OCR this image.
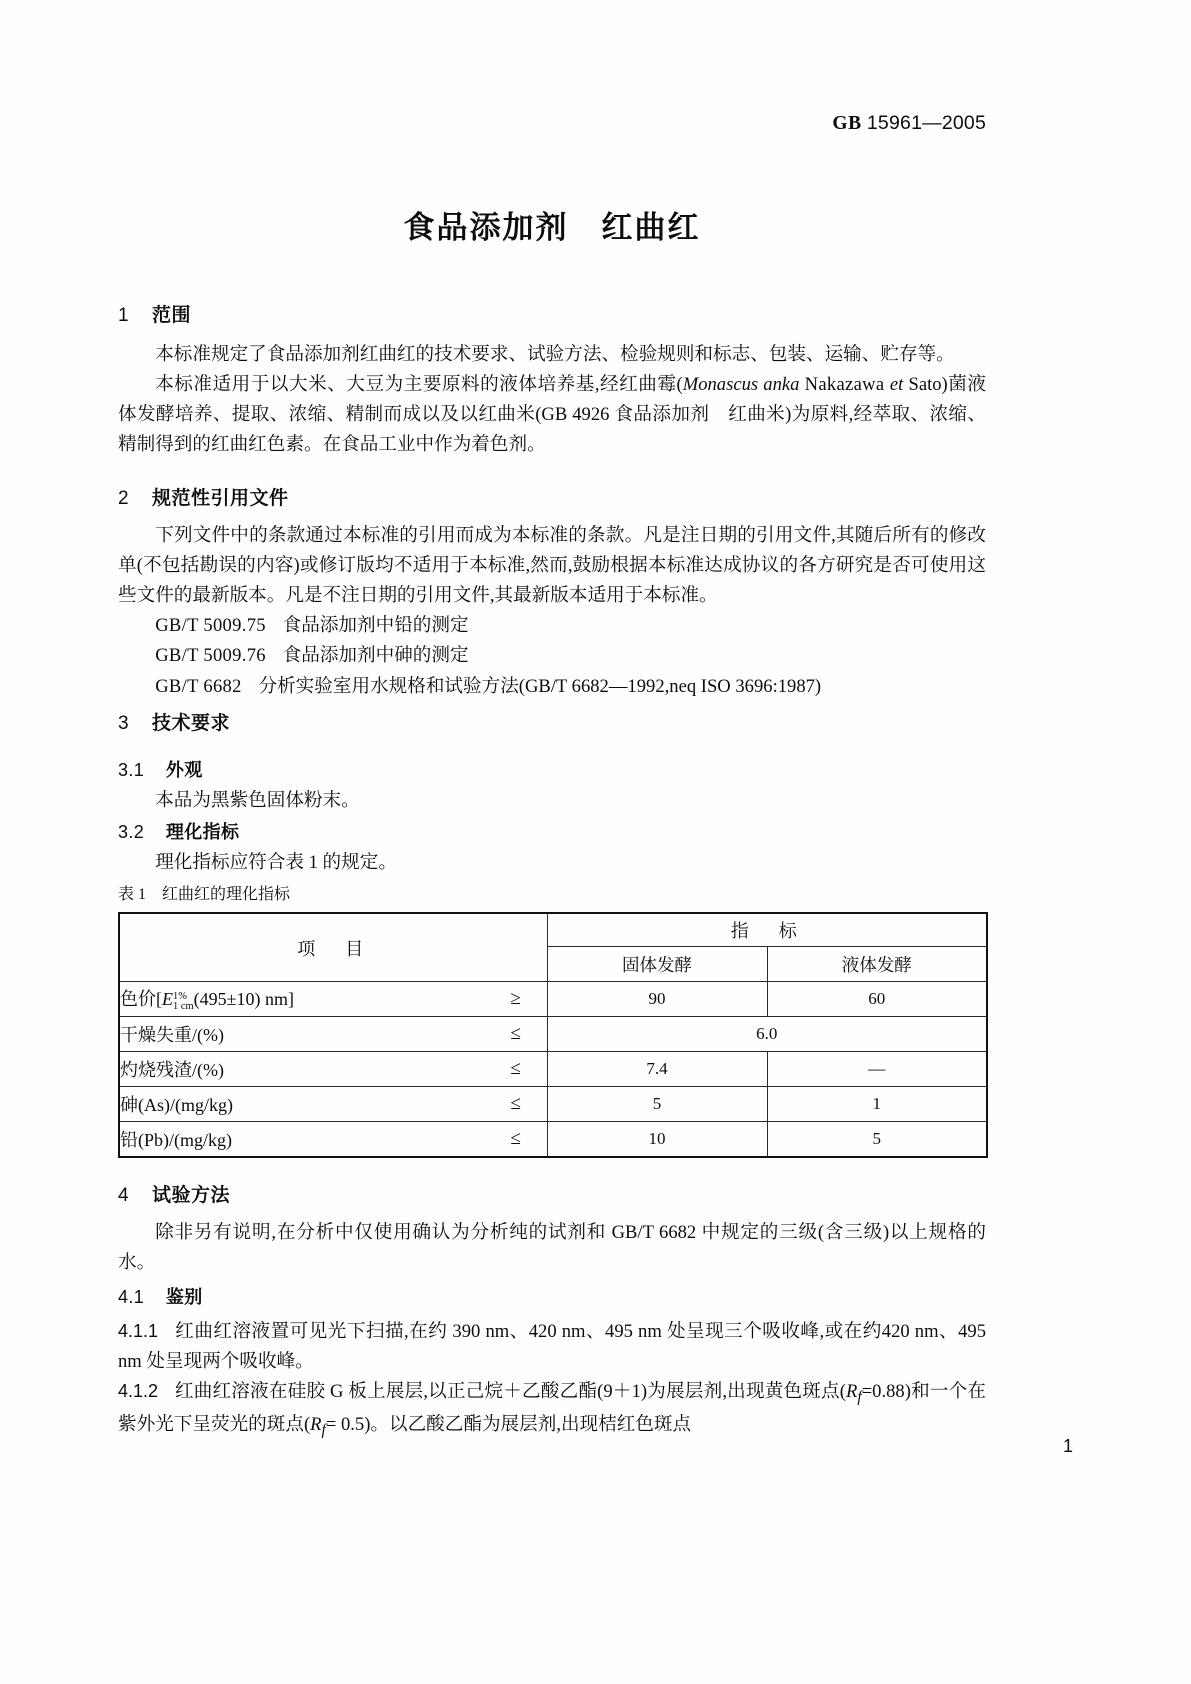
GB 15961—2005
食品添加剂　红曲红
1 范围

本标准规定了食品添加剂红曲红的技术要求、试验方法、检验规则和标志、包装、运输、贮存等。

本标准适用于以大米、大豆为主要原料的液体培养基,经红曲霉(Monascus anka Nakazawa et Sato)菌液体发酵培养、提取、浓缩、精制而成以及以红曲米(GB 4926 食品添加剂　红曲米)为原料,经萃取、浓缩、精制得到的红曲红色素。在食品工业中作为着色剂。

2 规范性引用文件

下列文件中的条款通过本标准的引用而成为本标准的条款。凡是注日期的引用文件,其随后所有的修改单(不包括勘误的内容)或修订版均不适用于本标准,然而,鼓励根据本标准达成协议的各方研究是否可使用这些文件的最新版本。凡是不注日期的引用文件,其最新版本适用于本标准。

GB/T 5009.75 食品添加剂中铅的测定

GB/T 5009.76 食品添加剂中砷的测定

GB/T 6682 分析实验室用水规格和试验方法(GB/T 6682—1992,neq ISO 3696:1987)

3 技术要求
3.1 外观

本品为黑紫色固体粉末。

3.2 理化指标

理化指标应符合表 1 的规定。

表 1　红曲红的理化指标
项　目		指　标	
		固体发酵	液体发酵
色价[E 1%
1 cm (495±10) nm]	≥	90	60
干燥失重/(%)	≤	6.0	
灼烧残渣/(%)	≤	7.4	—
砷(As)/(mg/kg)	≤	5	1
铅(Pb)/(mg/kg)	≤	10	5
4 试验方法

除非另有说明,在分析中仅使用确认为分析纯的试剂和 GB/T 6682 中规定的三级(含三级)以上规格的水。

4.1 鉴别

4.1.1 红曲红溶液置可见光下扫描,在约 390 nm、420 nm、495 nm 处呈现三个吸收峰,或在约420 nm、495 nm 处呈现两个吸收峰。

4.1.2 红曲红溶液在硅胶 G 板上展层,以正己烷＋乙酸乙酯(9＋1)为展层剂,出现黄色斑点$(R_f=0.88)$和一个在紫外光下呈荧光的斑点$(R_f= 0.5)$。以乙酸乙酯为展层剂,出现桔红色斑点

1
